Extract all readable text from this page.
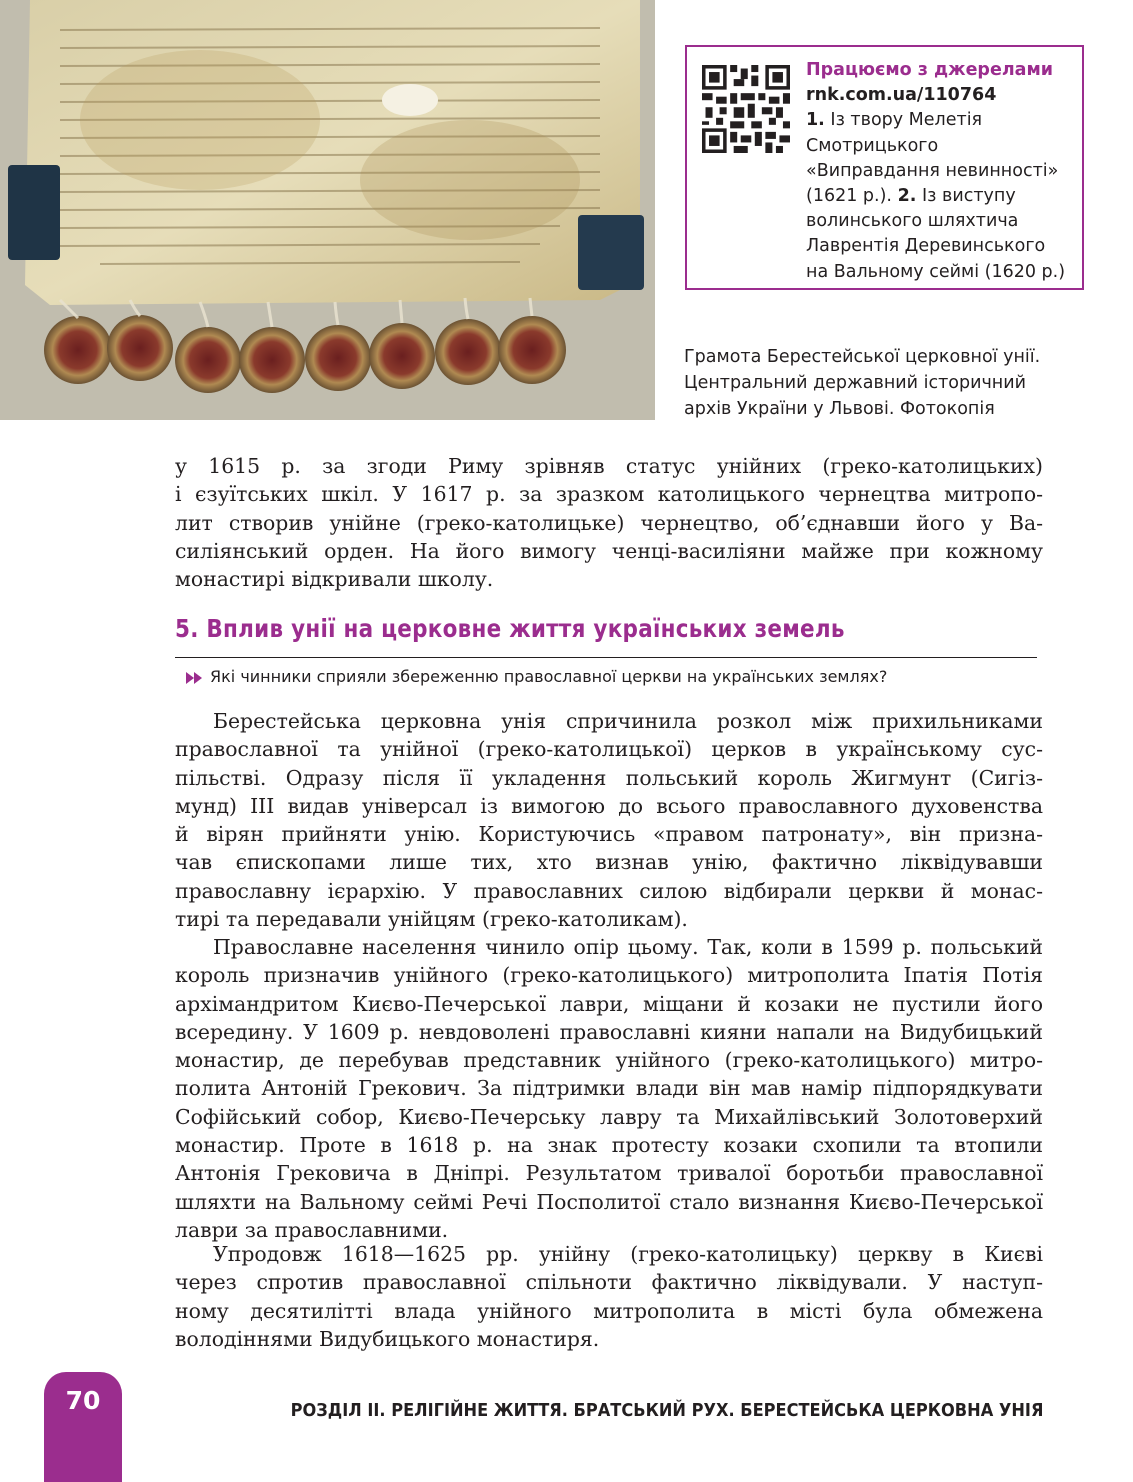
Працюємо з джерелами
rnk.com.ua/110764
1. Із твору Мелетія
Смотрицького
«Виправдання невинності»
(1621 р.). 2. Із виступу
волинського шляхтича
Лаврентія Деревинського
на Вальному сеймі (1620 р.)
Грамота Берестейської церковної унії.
Центральний державний історичний
архів України у Львові. Фотокопія
у 1615 р. за згоди Риму зрівняв статус унійних (греко-католицьких)
і єзуїтських шкіл. У 1617 р. за зразком католицького чернецтва митропо-
лит створив унійне (греко-католицьке) чернецтво, об’єднавши його у Ва-
силіянський орден. На його вимогу ченці-василіяни майже при кожному
монастирі відкривали школу.
5. Вплив унії на церковне життя українських земель
Які чинники сприяли збереженню православної церкви на українських землях?
Берестейська церковна унія спричинила розкол між прихильниками
православної та унійної (греко-католицької) церков в українському сус-
пільстві. Одразу після її укладення польський король Жигмунт (Сигіз-
мунд) III видав універсал із вимогою до всього православного духовенства
й вірян прийняти унію. Користуючись «правом патронату», він призна-
чав єпископами лише тих, хто визнав унію, фактично ліквідувавши
православну ієрархію. У православних силою відбирали церкви й монас-
тирі та передавали унійцям (греко-католикам).
Православне населення чинило опір цьому. Так, коли в 1599 р. польський
король призначив унійного (греко-католицького) митрополита Іпатія Потія
архімандритом Києво-Печерської лаври, міщани й козаки не пустили його
всередину. У 1609 р. невдоволені православні кияни напали на Видубицький
монастир, де перебував представник унійного (греко-католицького) митро-
полита Антоній Грекович. За підтримки влади він мав намір підпорядкувати
Софійський собор, Києво-Печерську лавру та Михайлівський Золотоверхий
монастир. Проте в 1618 р. на знак протесту козаки схопили та втопили
Антонія Грековича в Дніпрі. Результатом тривалої боротьби православної
шляхти на Вальному сеймі Речі Посполитої стало визнання Києво-Печерської
лаври за православними.
Упродовж 1618—1625 рр. унійну (греко-католицьку) церкву в Києві
через спротив православної спільноти фактично ліквідували. У наступ-
ному десятилітті влада унійного митрополита в місті була обмежена
володіннями Видубицького монастиря.
70	РОЗДІЛ II. РЕЛІГІЙНЕ ЖИТТЯ. БРАТСЬКИЙ РУХ. БЕРЕСТЕЙСЬКА ЦЕРКОВНА УНІЯ
